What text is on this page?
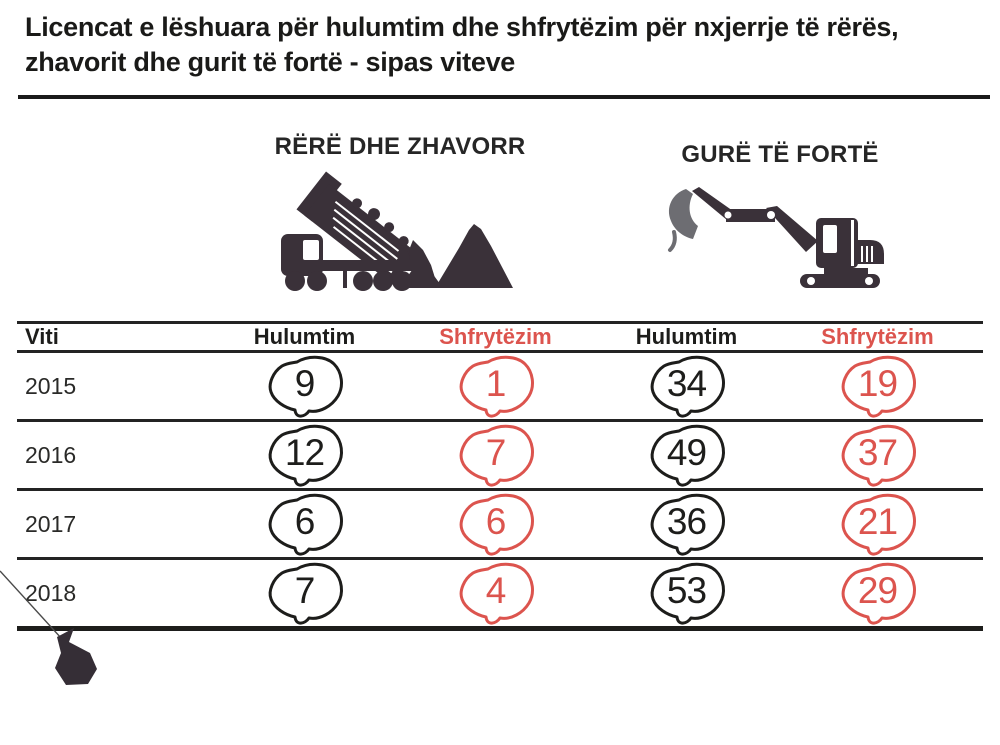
Licencat e lëshuara për hulumtim dhe shfrytëzim për nxjerrje të rërës, zhavorit dhe gurit të fortë - sipas viteve
RËRË DHE ZHAVORR	GURË TË FORTË
Viti	Hulumtim	Shfrytëzim	Hulumtim	Shfrytëzim
2015	9	1	34	19
2016	12	7	49	37
2017	6	6	36	21
2018	7	4	53	29
